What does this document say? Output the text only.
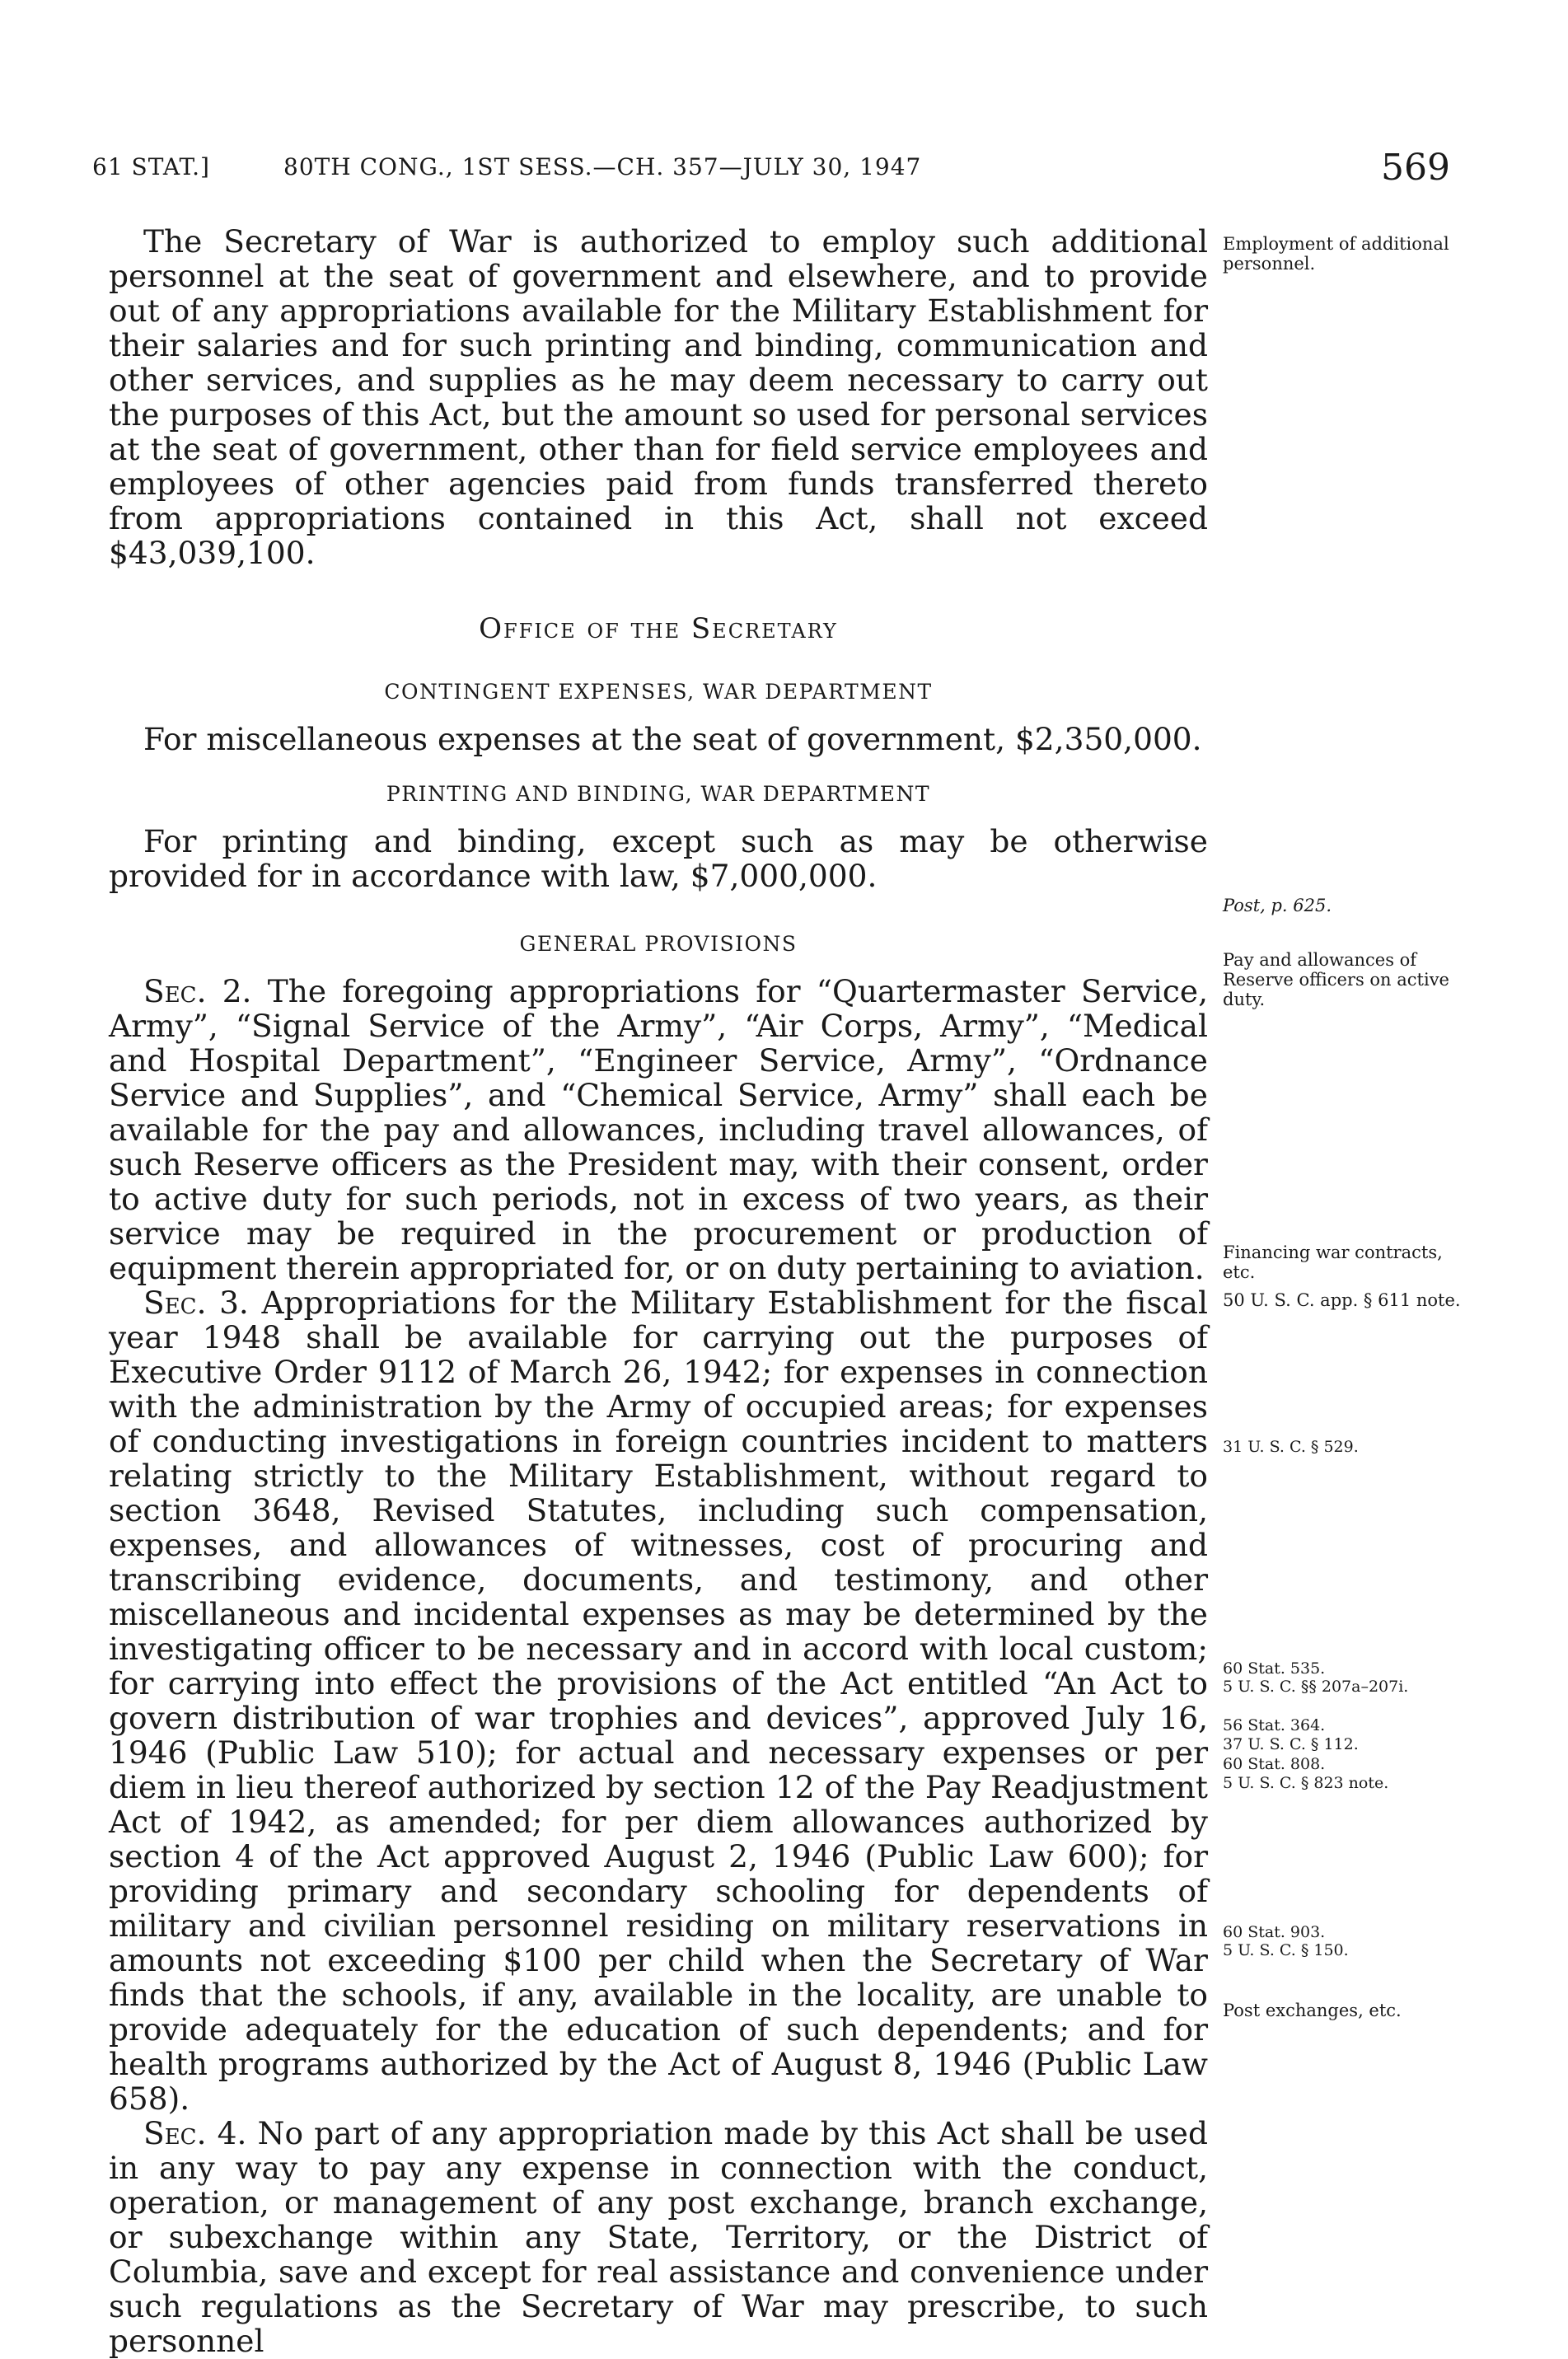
61 STAT.]	80TH CONG., 1ST SESS.—CH. 357—JULY 30, 1947	569

The Secretary of War is authorized to employ such additional personnel at the seat of government and elsewhere, and to provide out of any appropriations available for the Military Establishment for their salaries and for such printing and binding, communication and other services, and supplies as he may deem necessary to carry out the purposes of this Act, but the amount so used for personal services at the seat of government, other than for field service employees and employees of other agencies paid from funds transferred thereto from appropriations contained in this Act, shall not exceed $43,039,100.

Office of the Secretary
CONTINGENT EXPENSES, WAR DEPARTMENT

For miscellaneous expenses at the seat of government, $2,350,000.

PRINTING AND BINDING, WAR DEPARTMENT

For printing and binding, except such as may be otherwise provided for in accordance with law, $7,000,000.

GENERAL PROVISIONS

Sec. 2. The foregoing appropriations for “Quartermaster Service, Army”, “Signal Service of the Army”, “Air Corps, Army”, “Medical and Hospital Department”, “Engineer Service, Army”, “Ordnance Service and Supplies”, and “Chemical Service, Army” shall each be available for the pay and allowances, including travel allowances, of such Reserve officers as the President may, with their consent, order to active duty for such periods, not in excess of two years, as their service may be required in the procurement or production of equipment therein appropriated for, or on duty pertaining to aviation.

Sec. 3. Appropriations for the Military Establishment for the fiscal year 1948 shall be available for carrying out the purposes of Executive Order 9112 of March 26, 1942; for expenses in connection with the administration by the Army of occupied areas; for expenses of conducting investigations in foreign countries incident to matters relating strictly to the Military Establishment, without regard to section 3648, Revised Statutes, including such compensation, expenses, and allowances of witnesses, cost of procuring and transcribing evidence, documents, and testimony, and other miscellaneous and incidental expenses as may be determined by the investigating officer to be necessary and in accord with local custom; for carrying into effect the provisions of the Act entitled “An Act to govern distribution of war trophies and devices”, approved July 16, 1946 (Public Law 510); for actual and necessary expenses or per diem in lieu thereof authorized by section 12 of the Pay Readjustment Act of 1942, as amended; for per diem allowances authorized by section 4 of the Act approved August 2, 1946 (Public Law 600); for providing primary and secondary schooling for dependents of military and civilian personnel residing on military reservations in amounts not exceeding $100 per child when the Secretary of War finds that the schools, if any, available in the locality, are unable to provide adequately for the education of such dependents; and for health programs authorized by the Act of August 8, 1946 (Public Law 658).

Sec. 4. No part of any appropriation made by this Act shall be used in any way to pay any expense in connection with the conduct, operation, or management of any post exchange, branch exchange, or subexchange within any State, Territory, or the District of Columbia, save and except for real assistance and convenience under such regulations as the Secretary of War may prescribe, to such personnel

Employment of additional personnel.
Post, p. 625.
Pay and allowances of Reserve officers on active duty.
Financing war contracts, etc.
50 U. S. C. app. § 611 note.
31 U. S. C. § 529.
60 Stat. 535.
5 U. S. C. §§ 207a–207i.
56 Stat. 364.
37 U. S. C. § 112.
60 Stat. 808.
5 U. S. C. § 823 note.
60 Stat. 903.
5 U. S. C. § 150.
Post exchanges, etc.
